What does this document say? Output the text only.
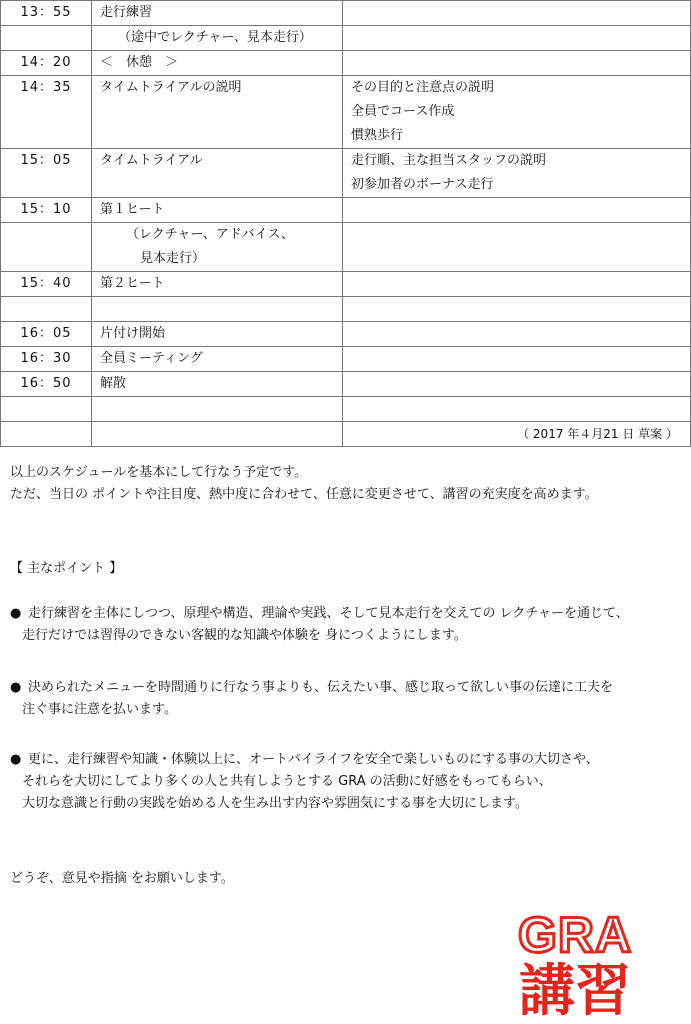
13：55	走行練習	

	（途中でレクチャー、見本走行）	

14：20	＜　休憩　＞	

14：35	タイムトライアルの説明	その目的と注意点の説明
全員でコース作成
慣熟歩行

15：05	タイムトライアル	走行順、主な担当スタッフの説明
初参加者のボーナス走行

15：10	第１ヒート	

	（レクチャー、アドバイス、
見本走行）	

15：40	第２ヒート	

16：05	片付け開始	

16：30	全員ミーティング	

16：50	解散	

		（ 2017 年４月21 日 草案 ）
以上のスケジュールを基本にして行なう予定です。
ただ、当日の ポイントや注目度、熱中度に合わせて、任意に変更させて、講習の充実度を高めます。
【 主なポイント 】
● 走行練習を主体にしつつ、原理や構造、理論や実践、そして見本走行を交えての レクチャーを通じて、
走行だけでは習得のできない客観的な知識や体験を 身につくようにします。
● 決められたメニューを時間通りに行なう事よりも、伝えたい事、感じ取って欲しい事の伝達に工夫を
注ぐ事に注意を払います。
● 更に、走行練習や知識・体験以上に、オートバイライフを安全で楽しいものにする事の大切さや、
それらを大切にしてより多くの人と共有しようとする GRA の活動に好感をもってもらい、
大切な意識と行動の実践を始める人を生み出す内容や雰囲気にする事を大切にします。
どうぞ、意見や指摘 をお願いします。
GRA
講習
